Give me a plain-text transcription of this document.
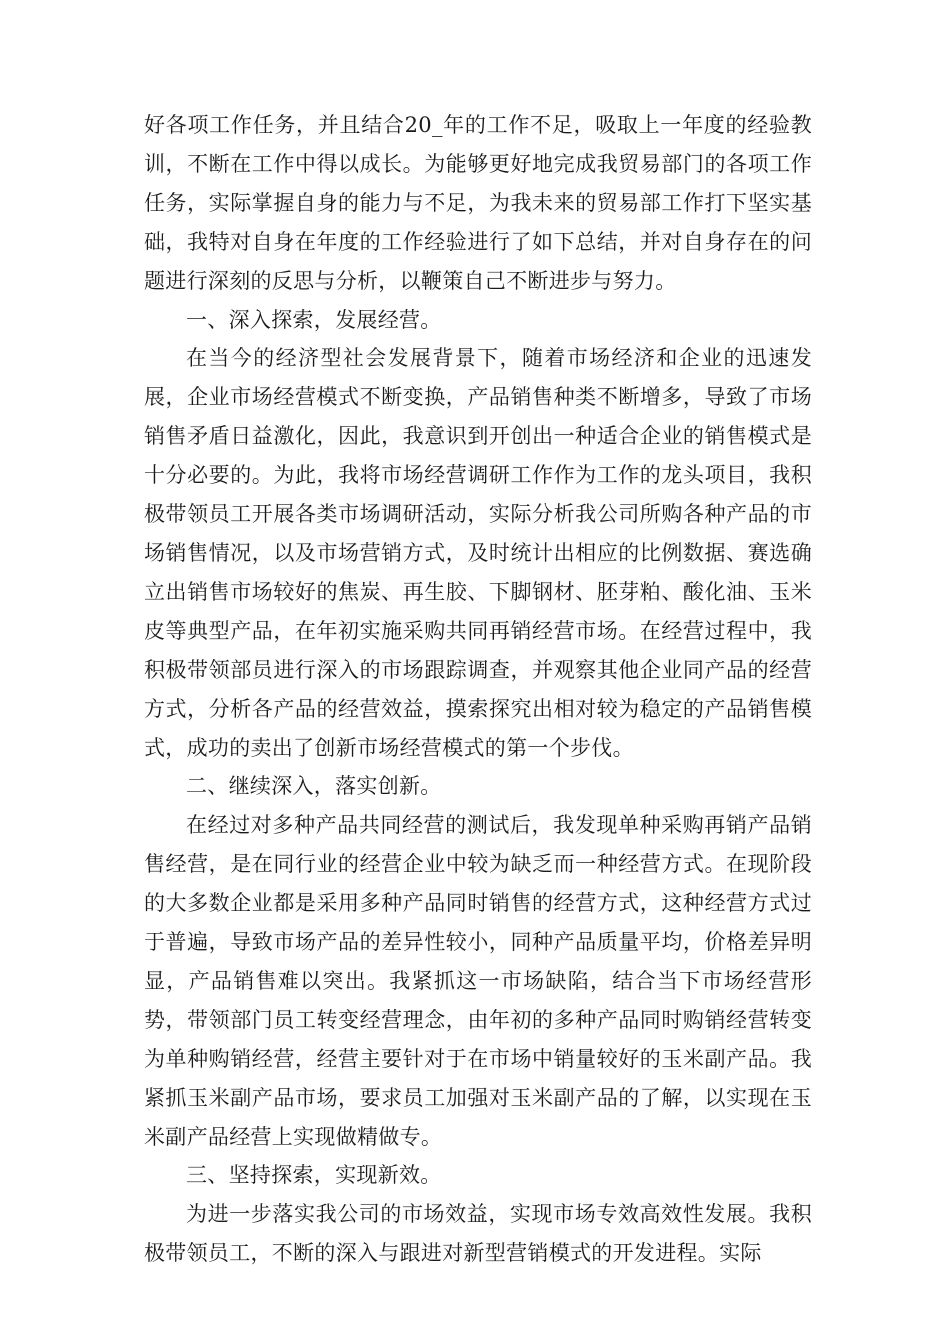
好各项工作任务，并且结合20_年的工作不足，吸取上一年度的经验教训，不断在工作中得以成长。为能够更好地完成我贸易部门的各项工作任务，实际掌握自身的能力与不足，为我未来的贸易部工作打下坚实基础，我特对自身在年度的工作经验进行了如下总结，并对自身存在的问题进行深刻的反思与分析，以鞭策自己不断进步与努力。

一、深入探索，发展经营。

在当今的经济型社会发展背景下，随着市场经济和企业的迅速发展，企业市场经营模式不断变换，产品销售种类不断增多，导致了市场销售矛盾日益激化，因此，我意识到开创出一种适合企业的销售模式是十分必要的。为此，我将市场经营调研工作作为工作的龙头项目，我积极带领员工开展各类市场调研活动，实际分析我公司所购各种产品的市场销售情况，以及市场营销方式，及时统计出相应的比例数据、赛选确立出销售市场较好的焦炭、再生胶、下脚钢材、胚芽粕、酸化油、玉米皮等典型产品，在年初实施采购共同再销经营市场。在经营过程中，我积极带领部员进行深入的市场跟踪调查，并观察其他企业同产品的经营方式，分析各产品的经营效益，摸索探究出相对较为稳定的产品销售模式，成功的卖出了创新市场经营模式的第一个步伐。

二、继续深入，落实创新。

在经过对多种产品共同经营的测试后，我发现单种采购再销产品销售经营，是在同行业的经营企业中较为缺乏而一种经营方式。在现阶段的大多数企业都是采用多种产品同时销售的经营方式，这种经营方式过于普遍，导致市场产品的差异性较小，同种产品质量平均，价格差异明显，产品销售难以突出。我紧抓这一市场缺陷，结合当下市场经营形势，带领部门员工转变经营理念，由年初的多种产品同时购销经营转变为单种购销经营，经营主要针对于在市场中销量较好的玉米副产品。我紧抓玉米副产品市场，要求员工加强对玉米副产品的了解，以实现在玉米副产品经营上实现做精做专。

三、坚持探索，实现新效。

为进一步落实我公司的市场效益，实现市场专效高效性发展。我积极带领员工，不断的深入与跟进对新型营销模式的开发进程。实际
